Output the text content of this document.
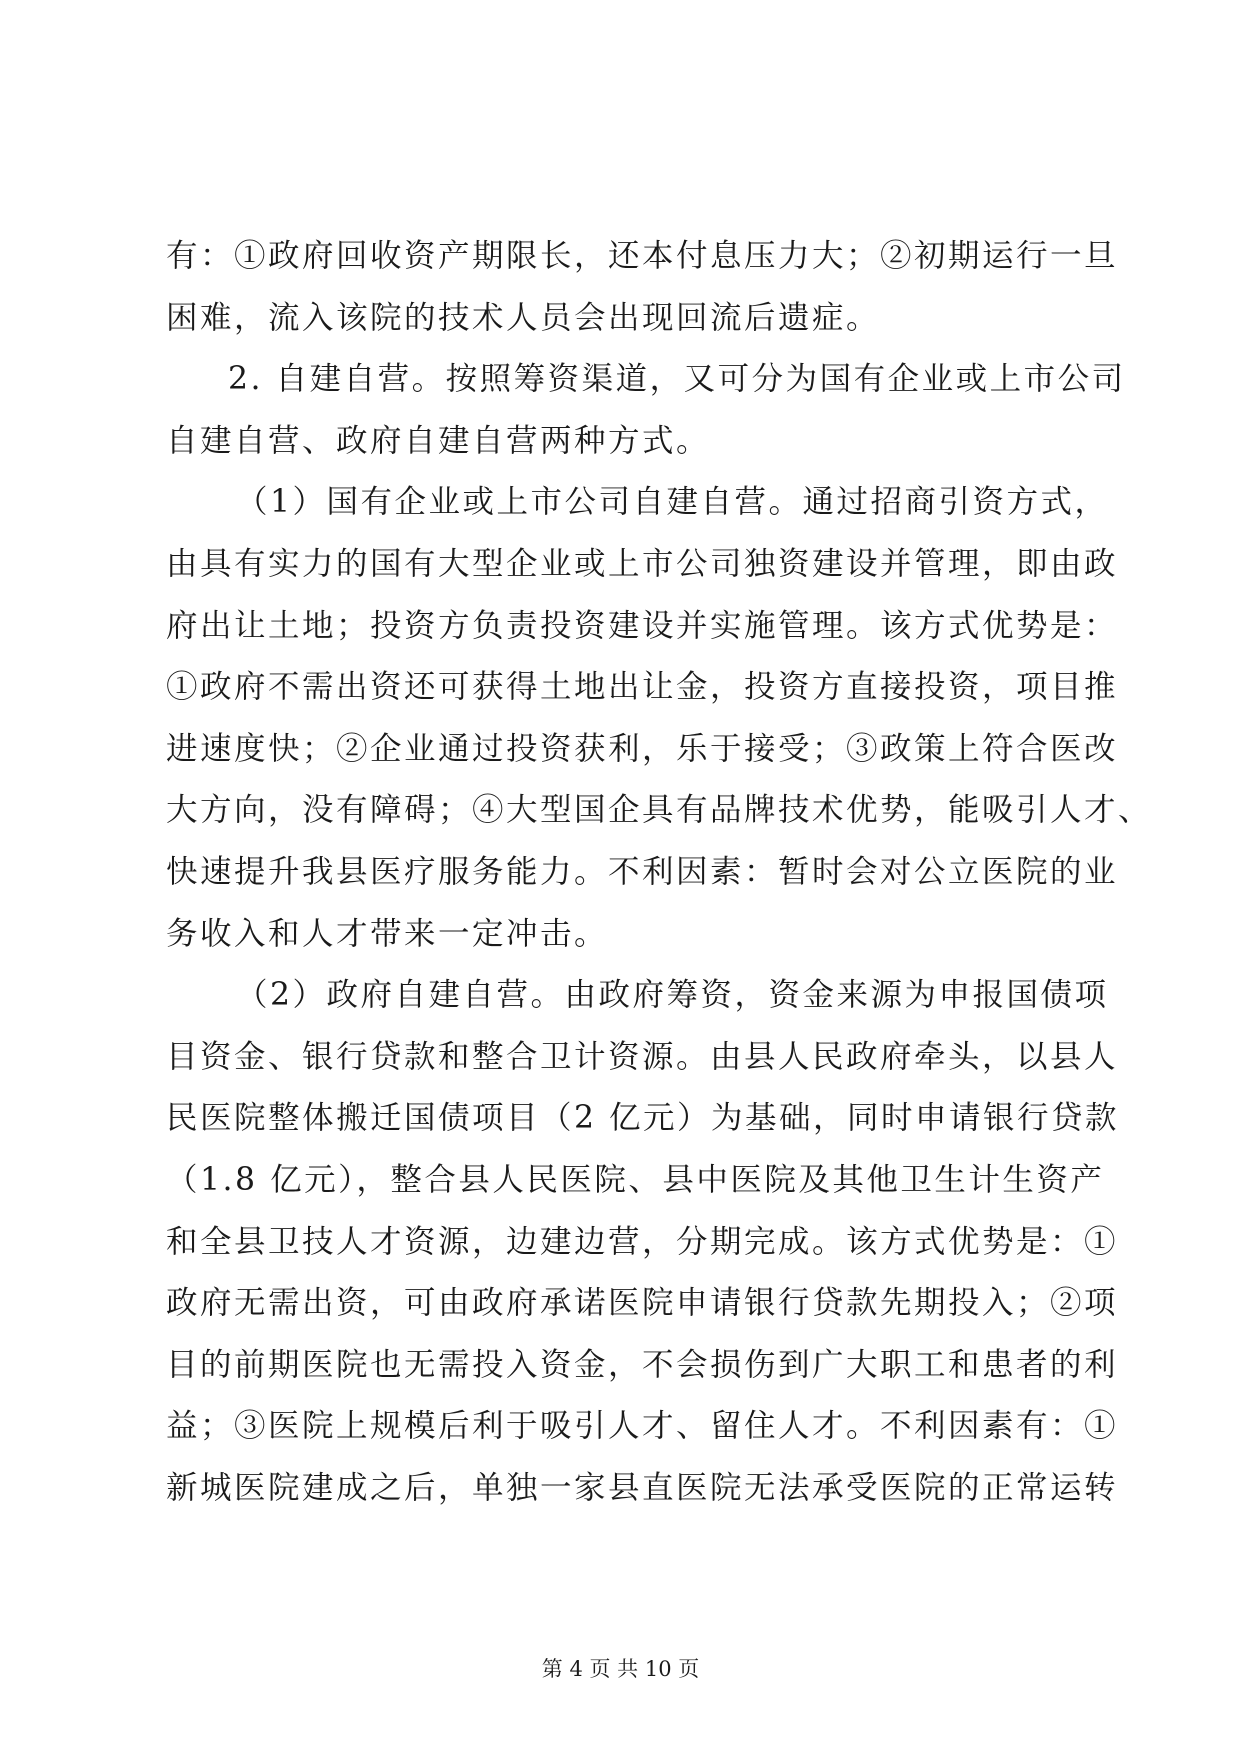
有：①政府回收资产期限长，还本付息压力大；②初期运行一旦
困难，流入该院的技术人员会出现回流后遗症。
2. 自建自营。按照筹资渠道，又可分为国有企业或上市公司
自建自营、政府自建自营两种方式。
（1）国有企业或上市公司自建自营。通过招商引资方式，
由具有实力的国有大型企业或上市公司独资建设并管理，即由政
府出让土地；投资方负责投资建设并实施管理。该方式优势是：
①政府不需出资还可获得土地出让金，投资方直接投资，项目推
进速度快；②企业通过投资获利，乐于接受；③政策上符合医改
大方向，没有障碍；④大型国企具有品牌技术优势，能吸引人才、
快速提升我县医疗服务能力。不利因素：暂时会对公立医院的业
务收入和人才带来一定冲击。
（2）政府自建自营。由政府筹资，资金来源为申报国债项
目资金、银行贷款和整合卫计资源。由县人民政府牵头，以县人
民医院整体搬迁国债项目（2 亿元）为基础，同时申请银行贷款
（1.8 亿元），整合县人民医院、县中医院及其他卫生计生资产
和全县卫技人才资源，边建边营，分期完成。该方式优势是：①
政府无需出资，可由政府承诺医院申请银行贷款先期投入；②项
目的前期医院也无需投入资金，不会损伤到广大职工和患者的利
益；③医院上规模后利于吸引人才、留住人才。不利因素有：①
新城医院建成之后，单独一家县直医院无法承受医院的正常运转
第 4 页 共 10 页
